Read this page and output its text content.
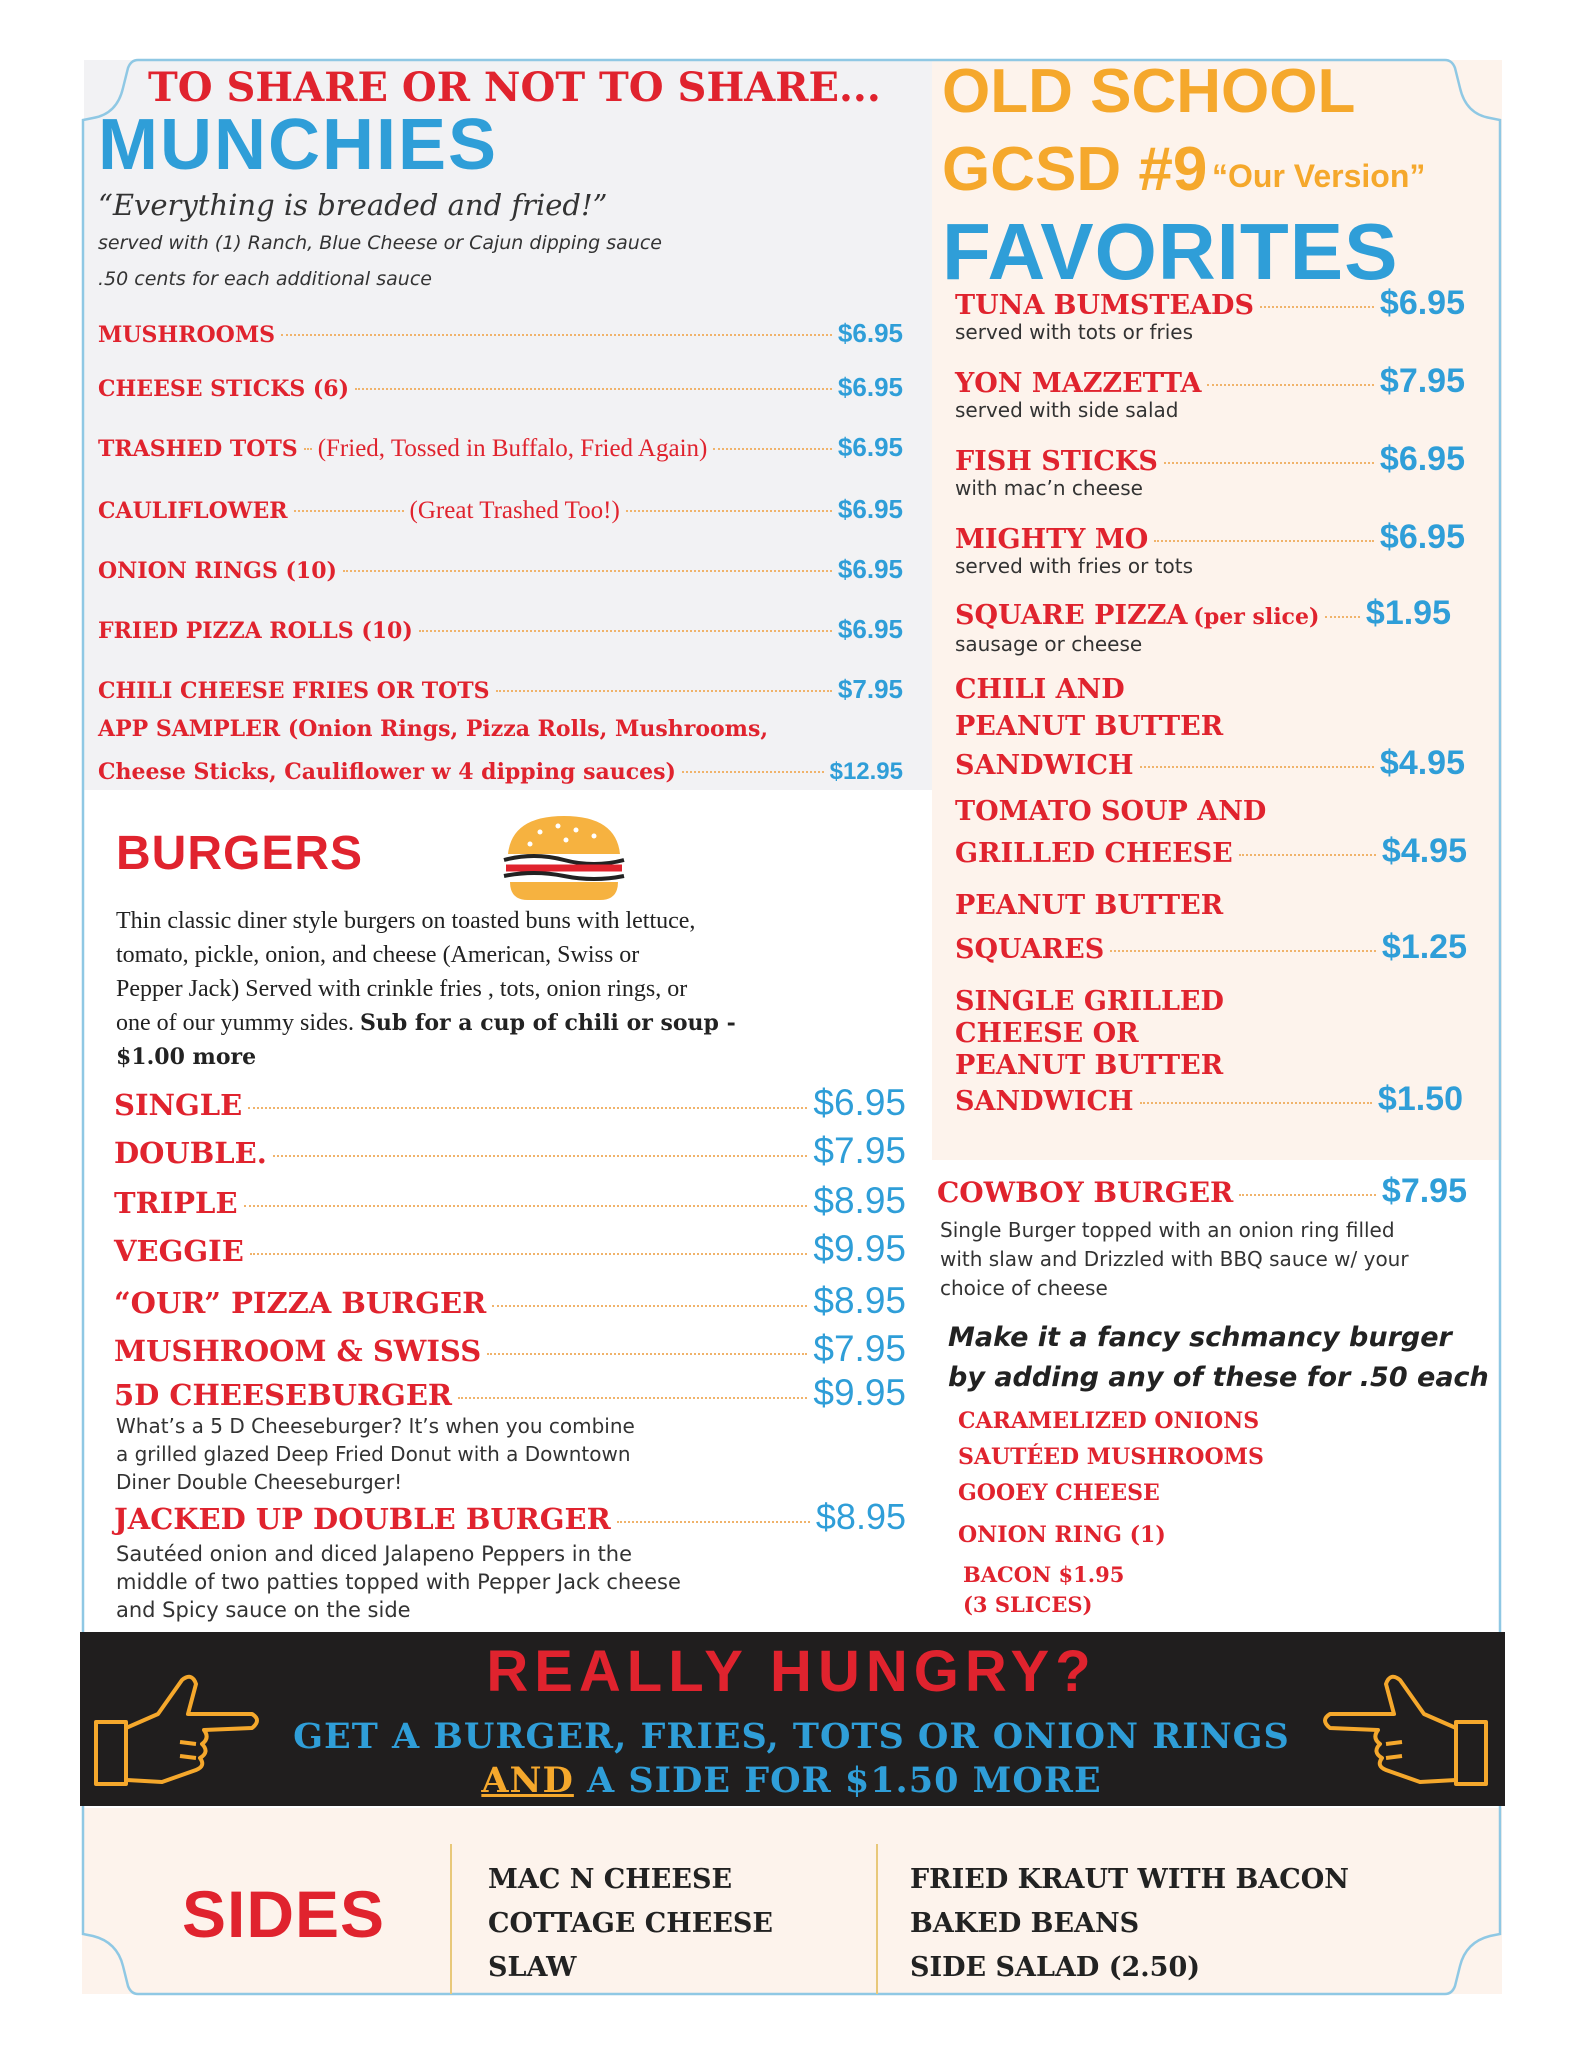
TO SHARE OR NOT TO SHARE...
MUNCHIES
“Everything is breaded and fried!”
served with (1) Ranch, Blue Cheese or Cajun dipping sauce
.50 cents for each additional sauce
MUSHROOMS	$6.95
CHEESE STICKS (6)	$6.95
TRASHED TOTS (Fried, Tossed in Buffalo, Fried Again)	$6.95
CAULIFLOWER	(Great Trashed Too!)	$6.95
ONION RINGS (10)	$6.95
FRIED PIZZA ROLLS (10)	$6.95
CHILI CHEESE FRIES OR TOTS	$7.95
APP SAMPLER (Onion Rings, Pizza Rolls, Mushrooms,
Cheese Sticks, Cauliflower w 4 dipping sauces)	$12.95
OLD SCHOOL
GCSD #9 “Our Version”
FAVORITES
TUNA BUMSTEADS	$6.95
served with tots or fries
YON MAZZETTA	$7.95
served with side salad
FISH STICKS	$6.95
with mac’n cheese
MIGHTY MO	$6.95
served with fries or tots
SQUARE PIZZA (per slice) $1.95
sausage or cheese
CHILI AND
PEANUT BUTTER
SANDWICH	$4.95
TOMATO SOUP AND
GRILLED CHEESE	$4.95
PEANUT BUTTER
SQUARES	$1.25
SINGLE GRILLED
CHEESE OR
PEANUT BUTTER
SANDWICH	$1.50
BURGERS
Thin classic diner style burgers on toasted buns with lettuce,
tomato, pickle, onion, and cheese (American, Swiss or
Pepper Jack) Served with crinkle fries , tots, onion rings, or
one of our yummy sides. Sub for a cup of chili or soup -
$1.00 more
SINGLE	$6.95
DOUBLE.	$7.95
TRIPLE	$8.95
VEGGIE	$9.95
“OUR” PIZZA BURGER	$8.95
MUSHROOM & SWISS	$7.95
5D CHEESEBURGER	$9.95
What’s a 5 D Cheeseburger? It’s when you combine
a grilled glazed Deep Fried Donut with a Downtown
Diner Double Cheeseburger!
JACKED UP DOUBLE BURGER	$8.95
Sautéed onion and diced Jalapeno Peppers in the
middle of two patties topped with Pepper Jack cheese
and Spicy sauce on the side
COWBOY BURGER	$7.95
Single Burger topped with an onion ring filled
with slaw and Drizzled with BBQ sauce w/ your
choice of cheese
Make it a fancy schmancy burger
by adding any of these for .50 each
CARAMELIZED ONIONS
SAUTÉED MUSHROOMS
GOOEY CHEESE
ONION RING (1)
BACON $1.95
(3 SLICES)
REALLY HUNGRY?
GET A BURGER, FRIES, TOTS OR ONION RINGS
AND A SIDE FOR $1.50 MORE
SIDES	MAC N CHEESE
COTTAGE CHEESE
SLAW
FRIED KRAUT WITH BACON
BAKED BEANS
SIDE SALAD (2.50)
